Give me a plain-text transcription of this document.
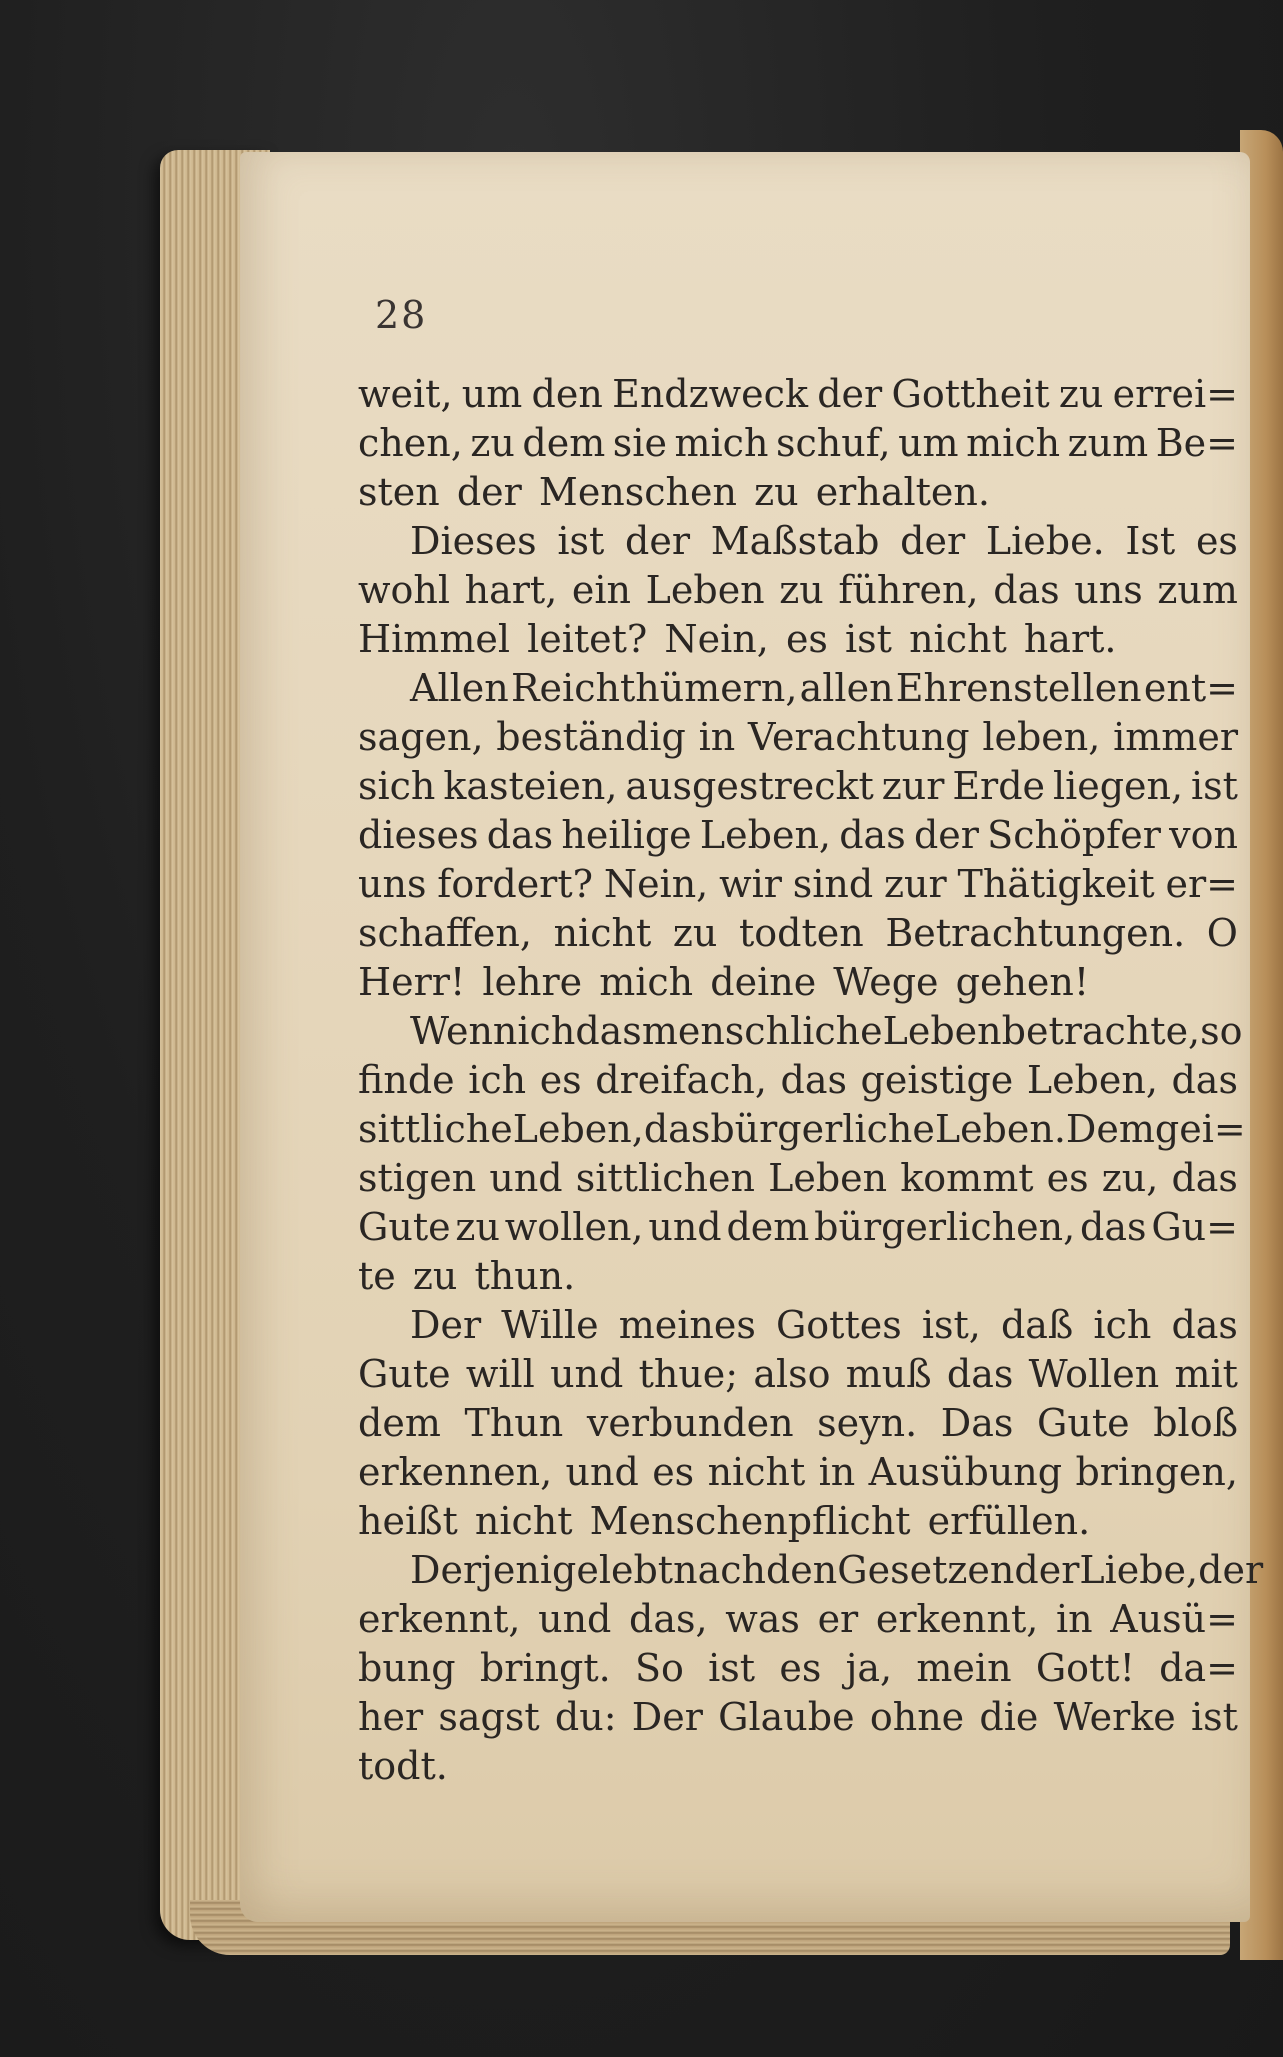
28
weit, um den Endzweck der Gottheit zu errei=
chen, zu dem sie mich schuf, um mich zum Be=
sten der Menschen zu erhalten.
Dieses ist der Maßstab der Liebe. Ist es
wohl hart, ein Leben zu führen, das uns zum
Himmel leitet? Nein, es ist nicht hart.
Allen Reichthümern, allen Ehrenstellen ent=
sagen, beständig in Verachtung leben, immer
sich kasteien, ausgestreckt zur Erde liegen, ist
dieses das heilige Leben, das der Schöpfer von
uns fordert? Nein, wir sind zur Thätigkeit er=
schaffen, nicht zu todten Betrachtungen. O
Herr! lehre mich deine Wege gehen!
Wenn ich das menschliche Leben betrachte, so
finde ich es dreifach, das geistige Leben, das
sittliche Leben, das bürgerliche Leben. Dem gei=
stigen und sittlichen Leben kommt es zu, das
Gute zu wollen, und dem bürgerlichen, das Gu=
te zu thun.
Der Wille meines Gottes ist, daß ich das
Gute will und thue; also muß das Wollen mit
dem Thun verbunden seyn. Das Gute bloß
erkennen, und es nicht in Ausübung bringen,
heißt nicht Menschenpflicht erfüllen.
Derjenige lebt nach den Gesetzen der Liebe, der
erkennt, und das, was er erkennt, in Ausü=
bung bringt. So ist es ja, mein Gott! da=
her sagst du: Der Glaube ohne die Werke ist
todt.
